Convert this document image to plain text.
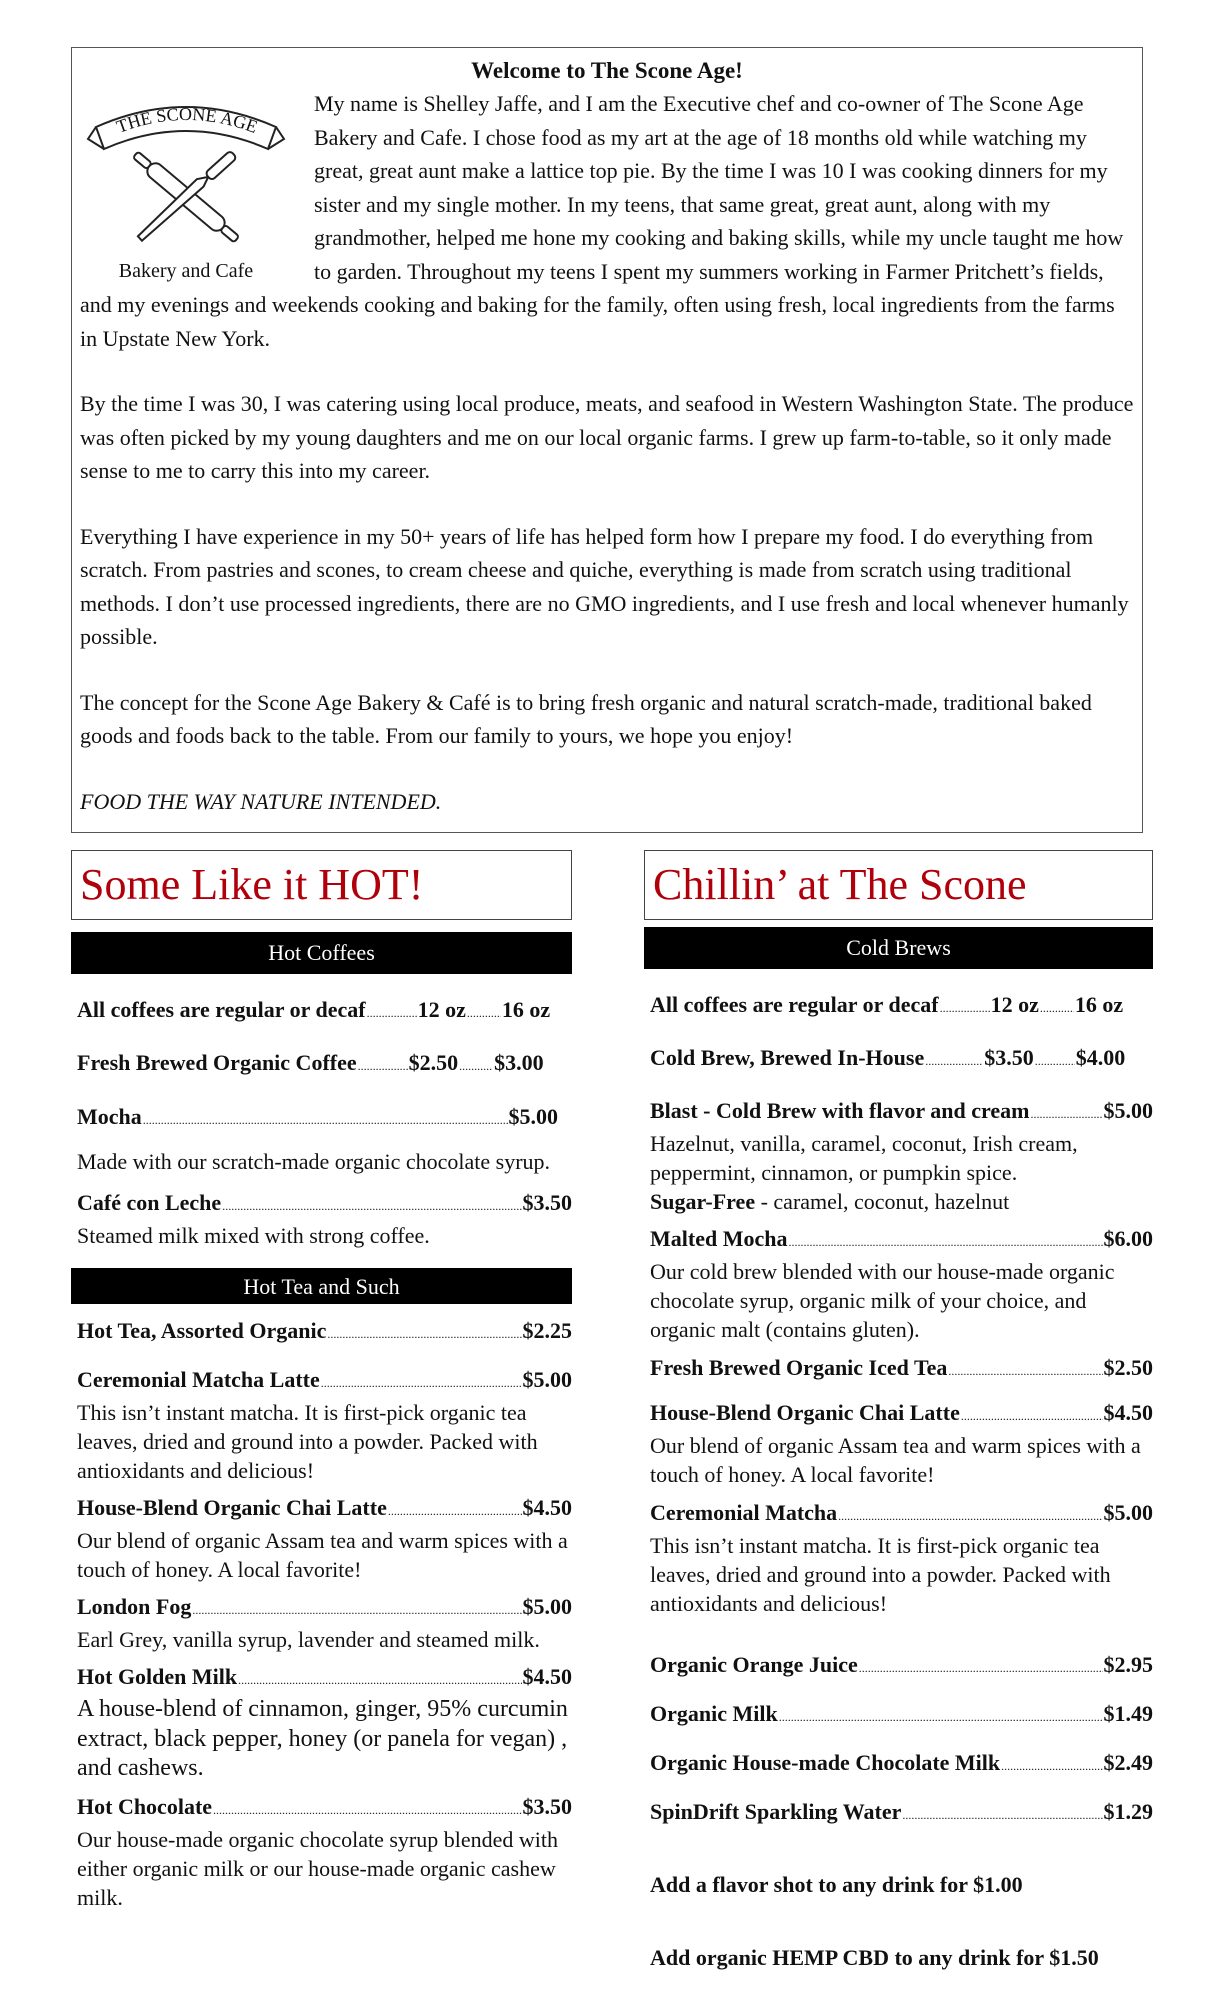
Welcome to The Scone Age!
THE SCONE AGE
Bakery and Cafe

My name is Shelley Jaffe, and I am the Executive chef and co-owner of The Scone Age Bakery and Cafe. I chose food as my art at the age of 18 months old while watching my great, great aunt make a lattice top pie. By the time I was 10 I was cooking dinners for my sister and my single mother. In my teens, that same great, great aunt, along with my grandmother, helped me hone my cooking and baking skills, while my uncle taught me how to garden. Throughout my teens I spent my summers working in Farmer Pritchett’s fields, and my evenings and weekends cooking and baking for the family, often using fresh, local ingredients from the farms in Upstate New York.

By the time I was 30, I was catering using local produce, meats, and seafood in Western Washington State. The produce was often picked by my young daughters and me on our local organic farms. I grew up farm-to-table, so it only made sense to me to carry this into my career.

Everything I have experience in my 50+ years of life has helped form how I prepare my food. I do everything from scratch. From pastries and scones, to cream cheese and quiche, everything is made from scratch using traditional methods. I don’t use processed ingredients, there are no GMO ingredients, and I use fresh and local whenever humanly possible.

The concept for the Scone Age Bakery & Café is to bring fresh organic and natural scratch-made, traditional baked goods and foods back to the table. From our family to yours, we hope you enjoy!

FOOD THE WAY NATURE INTENDED.

Some Like it HOT!
Hot Coffees
All coffees are regular or decaf ..... 12 oz ..... 16 oz
Fresh Brewed Organic Coffee ..... $2.50 ..... $3.00
Mocha .....	$5.00
Made with our scratch-made organic chocolate syrup.
Café con Leche .....	$3.50
Steamed milk mixed with strong coffee.
Hot Tea and Such
Hot Tea, Assorted Organic .....	$2.25
Ceremonial Matcha Latte .....	$5.00
This isn’t instant matcha. It is first-pick organic tea leaves, dried and ground into a powder. Packed with antioxidants and delicious!
House-Blend Organic Chai Latte .....	$4.50
Our blend of organic Assam tea and warm spices with a touch of honey. A local favorite!
London Fog .....	$5.00
Earl Grey, vanilla syrup, lavender and steamed milk.
Hot Golden Milk .....	$4.50
A house-blend of cinnamon, ginger, 95% curcumin extract, black pepper, honey (or panela for vegan) , and cashews.
Hot Chocolate .....	$3.50
Our house-made organic chocolate syrup blended with either organic milk or our house-made organic cashew milk.
Chillin’ at The Scone
Cold Brews
All coffees are regular or decaf ..... 12 oz ..... 16 oz
Cold Brew, Brewed In-House .....	$3.50 ..... $4.00
Blast - Cold Brew with flavor and cream .....	$5.00
Hazelnut, vanilla, caramel, coconut, Irish cream, peppermint, cinnamon, or pumpkin spice.
Sugar-Free - caramel, coconut, hazelnut
Malted Mocha .....	$6.00
Our cold brew blended with our house-made organic chocolate syrup, organic milk of your choice, and organic malt (contains gluten).
Fresh Brewed Organic Iced Tea .....	$2.50
House-Blend Organic Chai Latte .....	$4.50
Our blend of organic Assam tea and warm spices with a touch of honey. A local favorite!
Ceremonial Matcha .....	$5.00
This isn’t instant matcha. It is first-pick organic tea leaves, dried and ground into a powder. Packed with antioxidants and delicious!
Organic Orange Juice .....	$2.95
Organic Milk .....	$1.49
Organic House-made Chocolate Milk .....	$2.49
SpinDrift Sparkling Water .....	$1.29
Add a flavor shot to any drink for $1.00
Add organic HEMP CBD to any drink for $1.50
